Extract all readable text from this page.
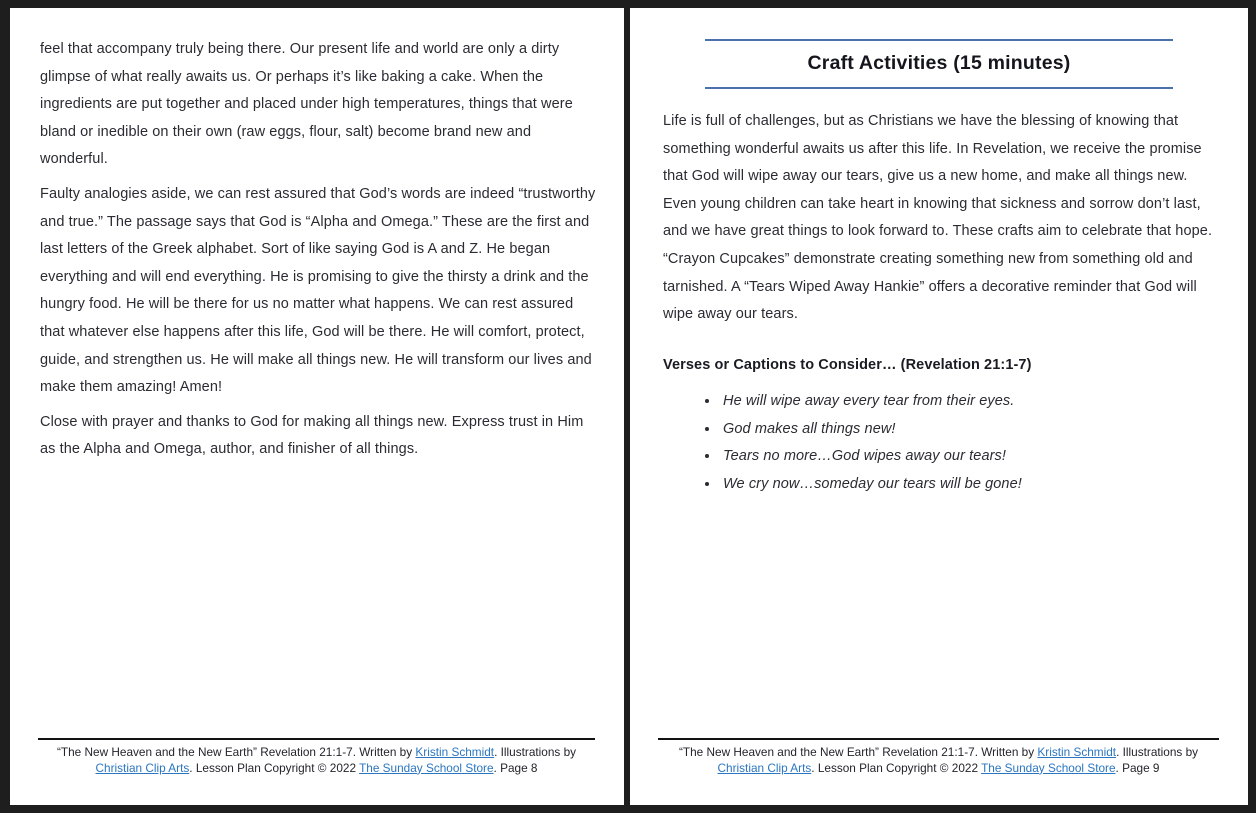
feel that accompany truly being there. Our present life and world are only a dirty glimpse of what really awaits us. Or perhaps it’s like baking a cake. When the ingredients are put together and placed under high temperatures, things that were bland or inedible on their own (raw eggs, flour, salt) become brand new and wonderful.

Faulty analogies aside, we can rest assured that God’s words are indeed “trustworthy and true.” The passage says that God is “Alpha and Omega.” These are the first and last letters of the Greek alphabet. Sort of like saying God is A and Z. He began everything and will end everything. He is promising to give the thirsty a drink and the hungry food. He will be there for us no matter what happens. We can rest assured that whatever else happens after this life, God will be there. He will comfort, protect, guide, and strengthen us. He will make all things new. He will transform our lives and make them amazing! Amen!

Close with prayer and thanks to God for making all things new. Express trust in Him as the Alpha and Omega, author, and finisher of all things.

“The New Heaven and the New Earth” Revelation 21:1-7. Written by Kristin Schmidt. Illustrations by Christian Clip Arts. Lesson Plan Copyright © 2022 The Sunday School Store. Page 8
Craft Activities (15 minutes)

Life is full of challenges, but as Christians we have the blessing of knowing that something wonderful awaits us after this life. In Revelation, we receive the promise that God will wipe away our tears, give us a new home, and make all things new. Even young children can take heart in knowing that sickness and sorrow don’t last, and we have great things to look forward to. These crafts aim to celebrate that hope. “Crayon Cupcakes” demonstrate creating something new from something old and tarnished. A “Tears Wiped Away Hankie” offers a decorative reminder that God will wipe away our tears.

Verses or Captions to Consider… (Revelation 21:1-7)

• He will wipe away every tear from their eyes.
• God makes all things new!
• Tears no more…God wipes away our tears!
• We cry now…someday our tears will be gone!
“The New Heaven and the New Earth” Revelation 21:1-7. Written by Kristin Schmidt. Illustrations by Christian Clip Arts. Lesson Plan Copyright © 2022 The Sunday School Store. Page 9
